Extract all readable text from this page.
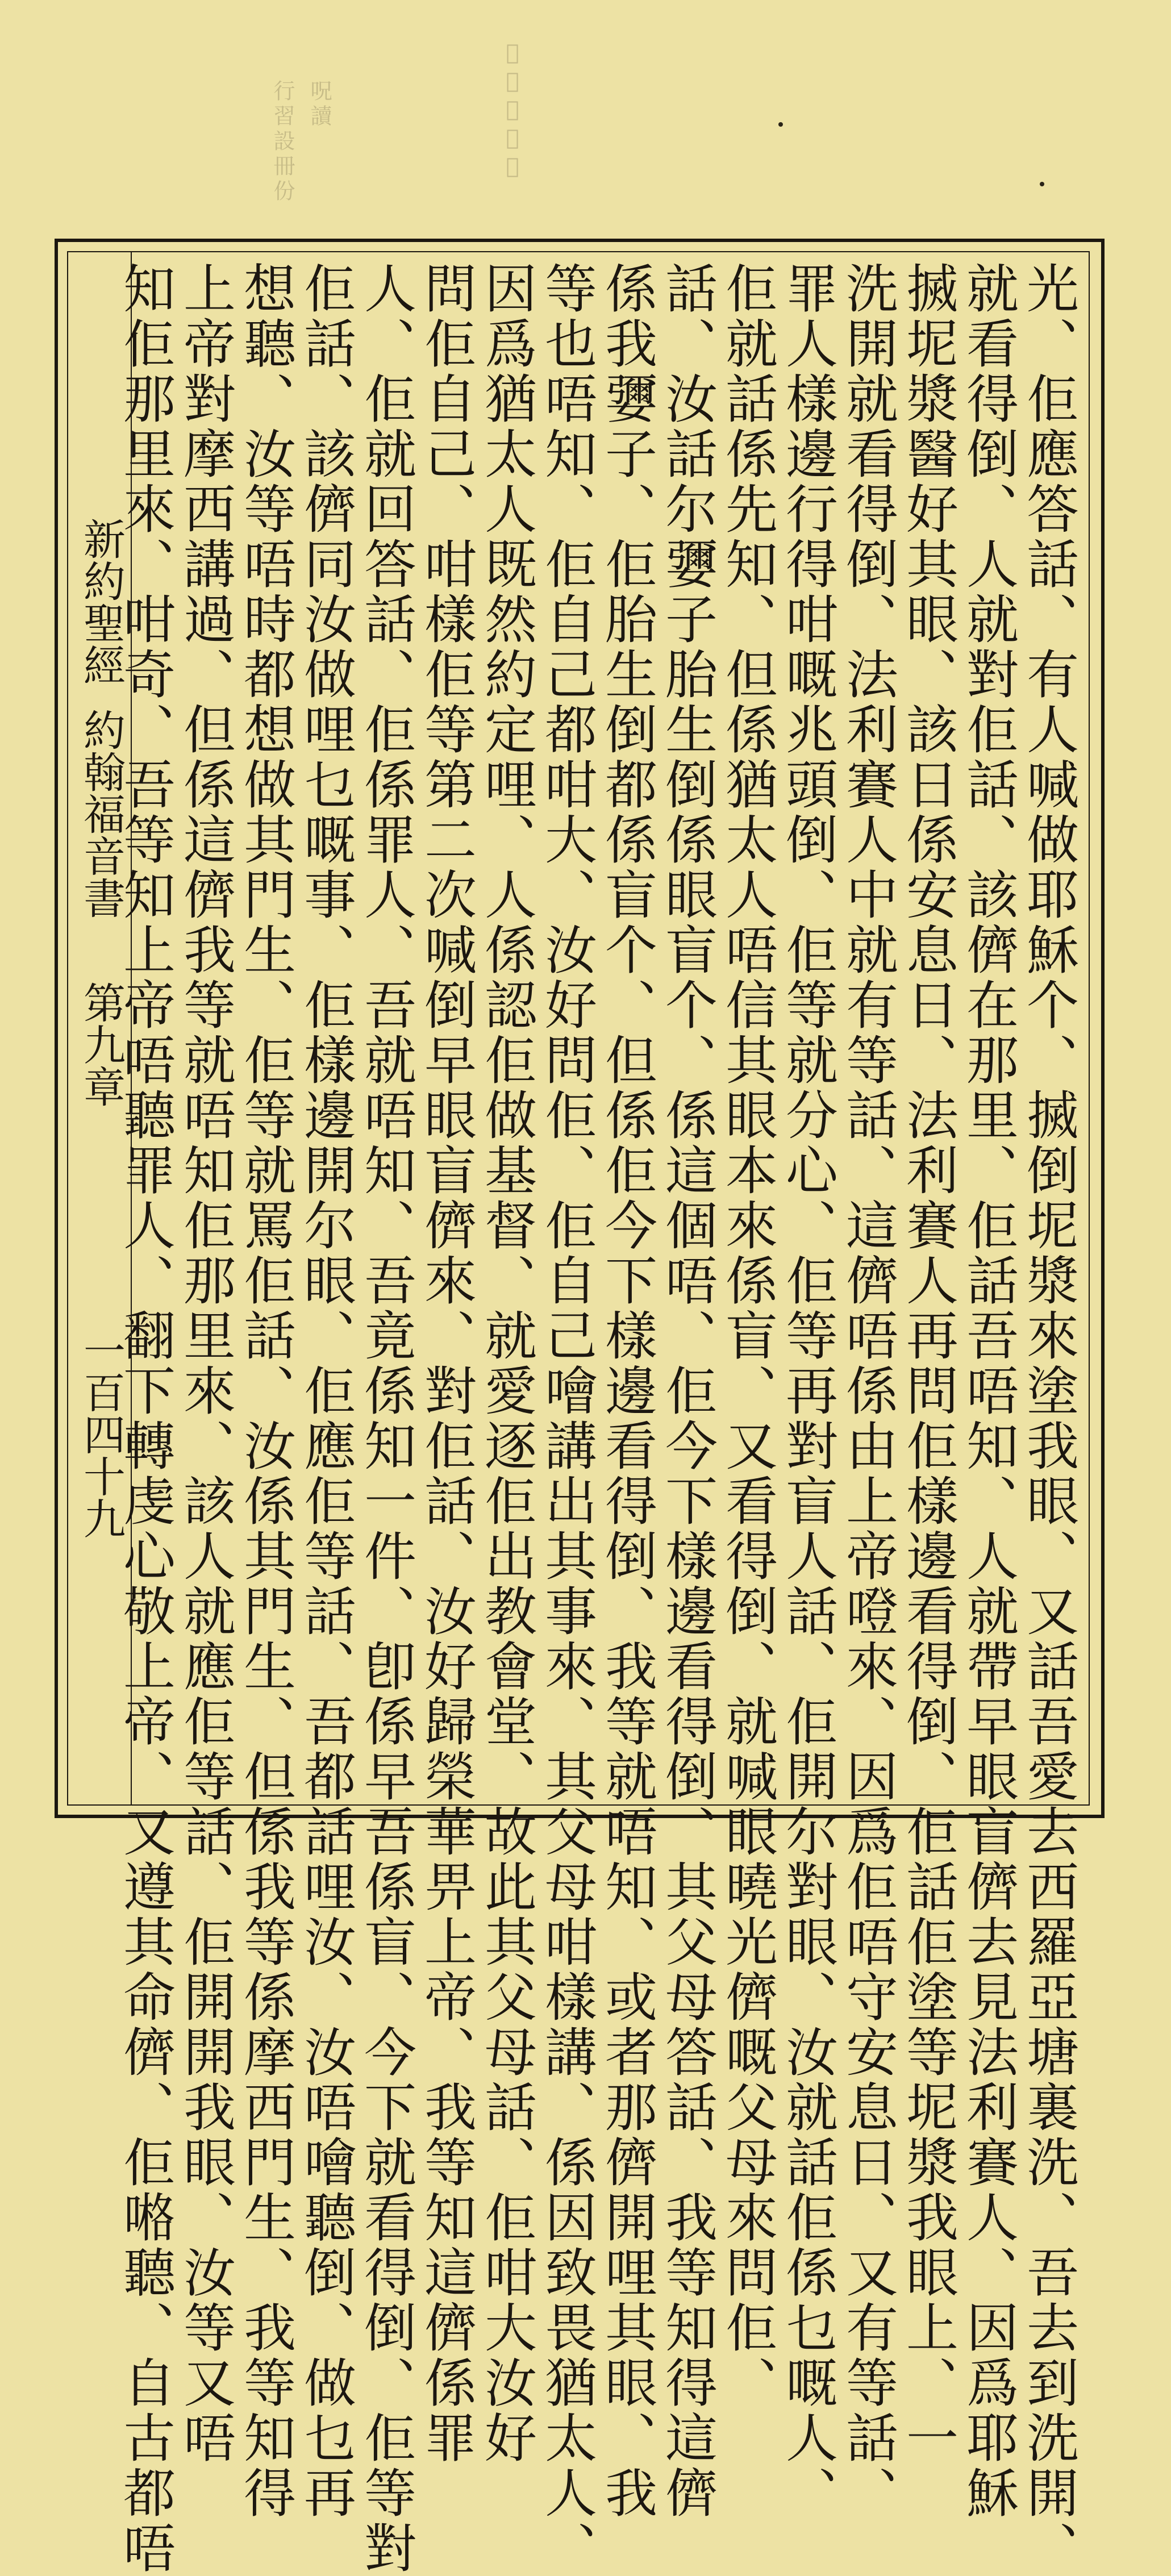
𠰃故同共年
呪讀
行習設冊份
新約聖經約翰福音書第九章一百四十九	光、佢應答話、有人喊做耶穌个、搣倒坭漿來塗我眼、又話吾愛去西羅亞塘裏洗、吾去到洗開、
就看得倒、人就對佢話、該儕在那里、佢話吾唔知、人就帶早眼盲儕去見法利賽人、因爲耶穌
搣坭漿醫好其眼、該日係安息日、法利賽人再問佢樣邊看得倒、佢話佢塗等坭漿我眼上、一
洗開就看得倒、法利賽人中就有等話、這儕唔係由上帝噔來、因爲佢唔守安息日、又有等話、
罪人樣邊行得咁嘅兆頭倒、佢等就分心、佢等再對盲人話、佢開尔對眼、汝就話佢係乜嘅人、
佢就話係先知、但係猶太人唔信其眼本來係盲、又看得倒、就喊眼曉光儕嘅父母來問佢、
話、汝話尔㜷子胎生倒係眼盲个、係這個唔、佢今下樣邊看得倒、其父母答話、我等知得這儕
係我㜷子、佢胎生倒都係盲个、但係佢今下樣邊看得倒、我等就唔知、或者那儕開哩其眼、我
等也唔知、佢自己都咁大、汝好問佢、佢自己噲講出其事來、其父母咁樣講、係因致畏猶太人、
因爲猶太人既然約定哩、人係認佢做基督、就愛逐佢出教會堂、故此其父母話、佢咁大汝好
問佢自己、咁樣佢等第二次喊倒早眼盲儕來、對佢話、汝好歸榮華畀上帝、我等知這儕係罪
人、佢就回答話、佢係罪人、吾就唔知、吾竟係知一件、卽係早吾係盲、今下就看得倒、佢等對
佢話、該儕同汝做哩乜嘅事、佢樣邊開尔眼、佢應佢等話、吾都話哩汝、汝唔噲聽倒、做乜再
想聽、汝等唔時都想做其門生、佢等就罵佢話、汝係其門生、但係我等係摩西門生、我等知得
上帝對摩西講過、但係這儕我等就唔知佢那里來、該人就應佢等話、佢開開我眼、汝等又唔
知佢那里來、咁奇、吾等知上帝唔聽罪人、翻下轉虔心敬上帝、又遵其命儕、佢𠺝聽、自古都唔
